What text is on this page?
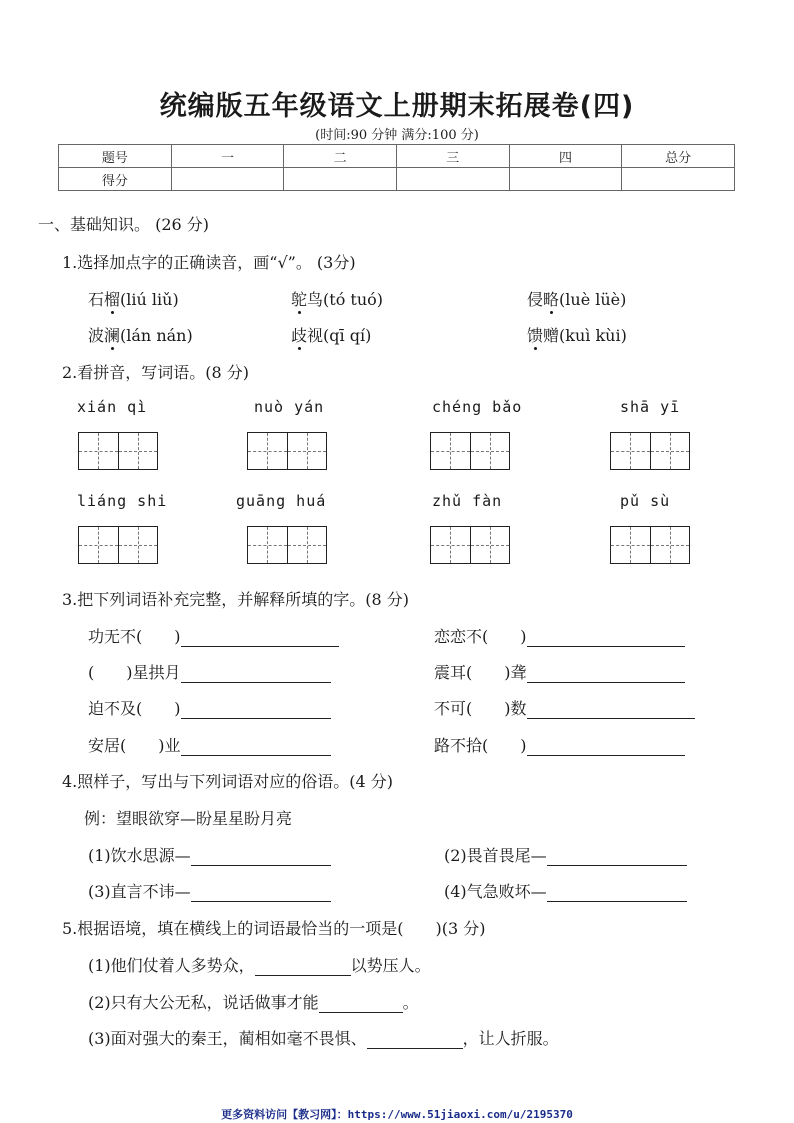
统编版五年级语文上册期末拓展卷(四)
(时间:90 分钟 满分:100 分)
题号	一	二	三	四	总分
得分					
一、基础知识。 (26 分)
1.选择加点字的正确读音，画“√”。 (3分)
石榴(liú liǔ)	鸵鸟(tó tuó)	侵略(luè lüè)
波澜(lán nán)	歧视(qī qí)	馈赠(kuì kùi)
2.看拼音，写词语。(8 分)
xián qì	nuò yán	chéng bǎo	shā yī
liáng shi	guāng huá	zhǔ fàn	pǔ sù
3.把下列词语补充完整，并解释所填的字。(8 分)
功无不(　　)	恋恋不(　　)
(　　)星拱月	震耳(　　)聋
迫不及(　　)	不可(　　)数
安居(　　)业	路不拾(　　)
4.照样子，写出与下列词语对应的俗语。(4 分)
例：望眼欲穿—盼星星盼月亮
(1)饮水思源—	(2)畏首畏尾—
(3)直言不讳—	(4)气急败坏—
5.根据语境，填在横线上的词语最恰当的一项是(　　)(3 分)
(1)他们仗着人多势众，	以势压人。
(2)只有大公无私，说话做事才能	。
(3)面对强大的秦王，蔺相如毫不畏惧、	，让人折服。
更多资料访问【教习网】：https://www.51jiaoxi.com/u/2195370
